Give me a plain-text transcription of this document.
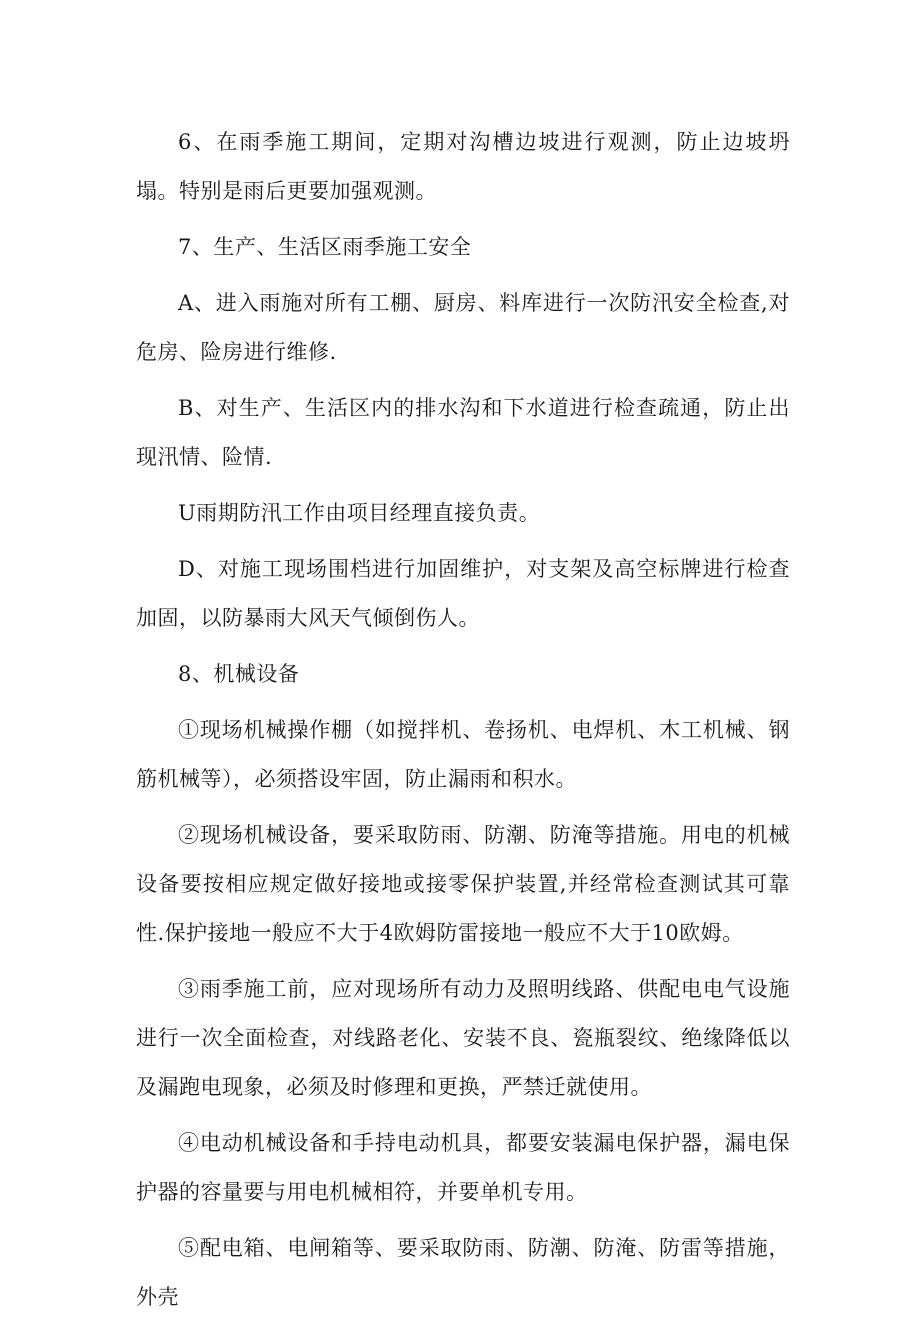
6、在雨季施工期间，定期对沟槽边坡进行观测，防止边坡坍塌。特别是雨后更要加强观测。

7、生产、生活区雨季施工安全

A、进入雨施对所有工棚、厨房、料库进行一次防汛安全检查,对危房、险房进行维修.

B、对生产、生活区内的排水沟和下水道进行检查疏通，防止出现汛情、险情.

U雨期防汛工作由项目经理直接负责。

D、对施工现场围档进行加固维护，对支架及高空标牌进行检查加固，以防暴雨大风天气倾倒伤人。

8、机械设备

①现场机械操作棚（如搅拌机、卷扬机、电焊机、木工机械、钢筋机械等），必须搭设牢固，防止漏雨和积水。

②现场机械设备，要采取防雨、防潮、防淹等措施。用电的机械设备要按相应规定做好接地或接零保护装置,并经常检查测试其可靠性.保护接地一般应不大于4欧姆防雷接地一般应不大于10欧姆。

③雨季施工前，应对现场所有动力及照明线路、供配电电气设施进行一次全面检查，对线路老化、安装不良、瓷瓶裂纹、绝缘降低以及漏跑电现象，必须及时修理和更换，严禁迁就使用。

④电动机械设备和手持电动机具，都要安装漏电保护器，漏电保护器的容量要与用电机械相符，并要单机专用。

⑤配电箱、电闸箱等、要采取防雨、防潮、防淹、防雷等措施，外壳
